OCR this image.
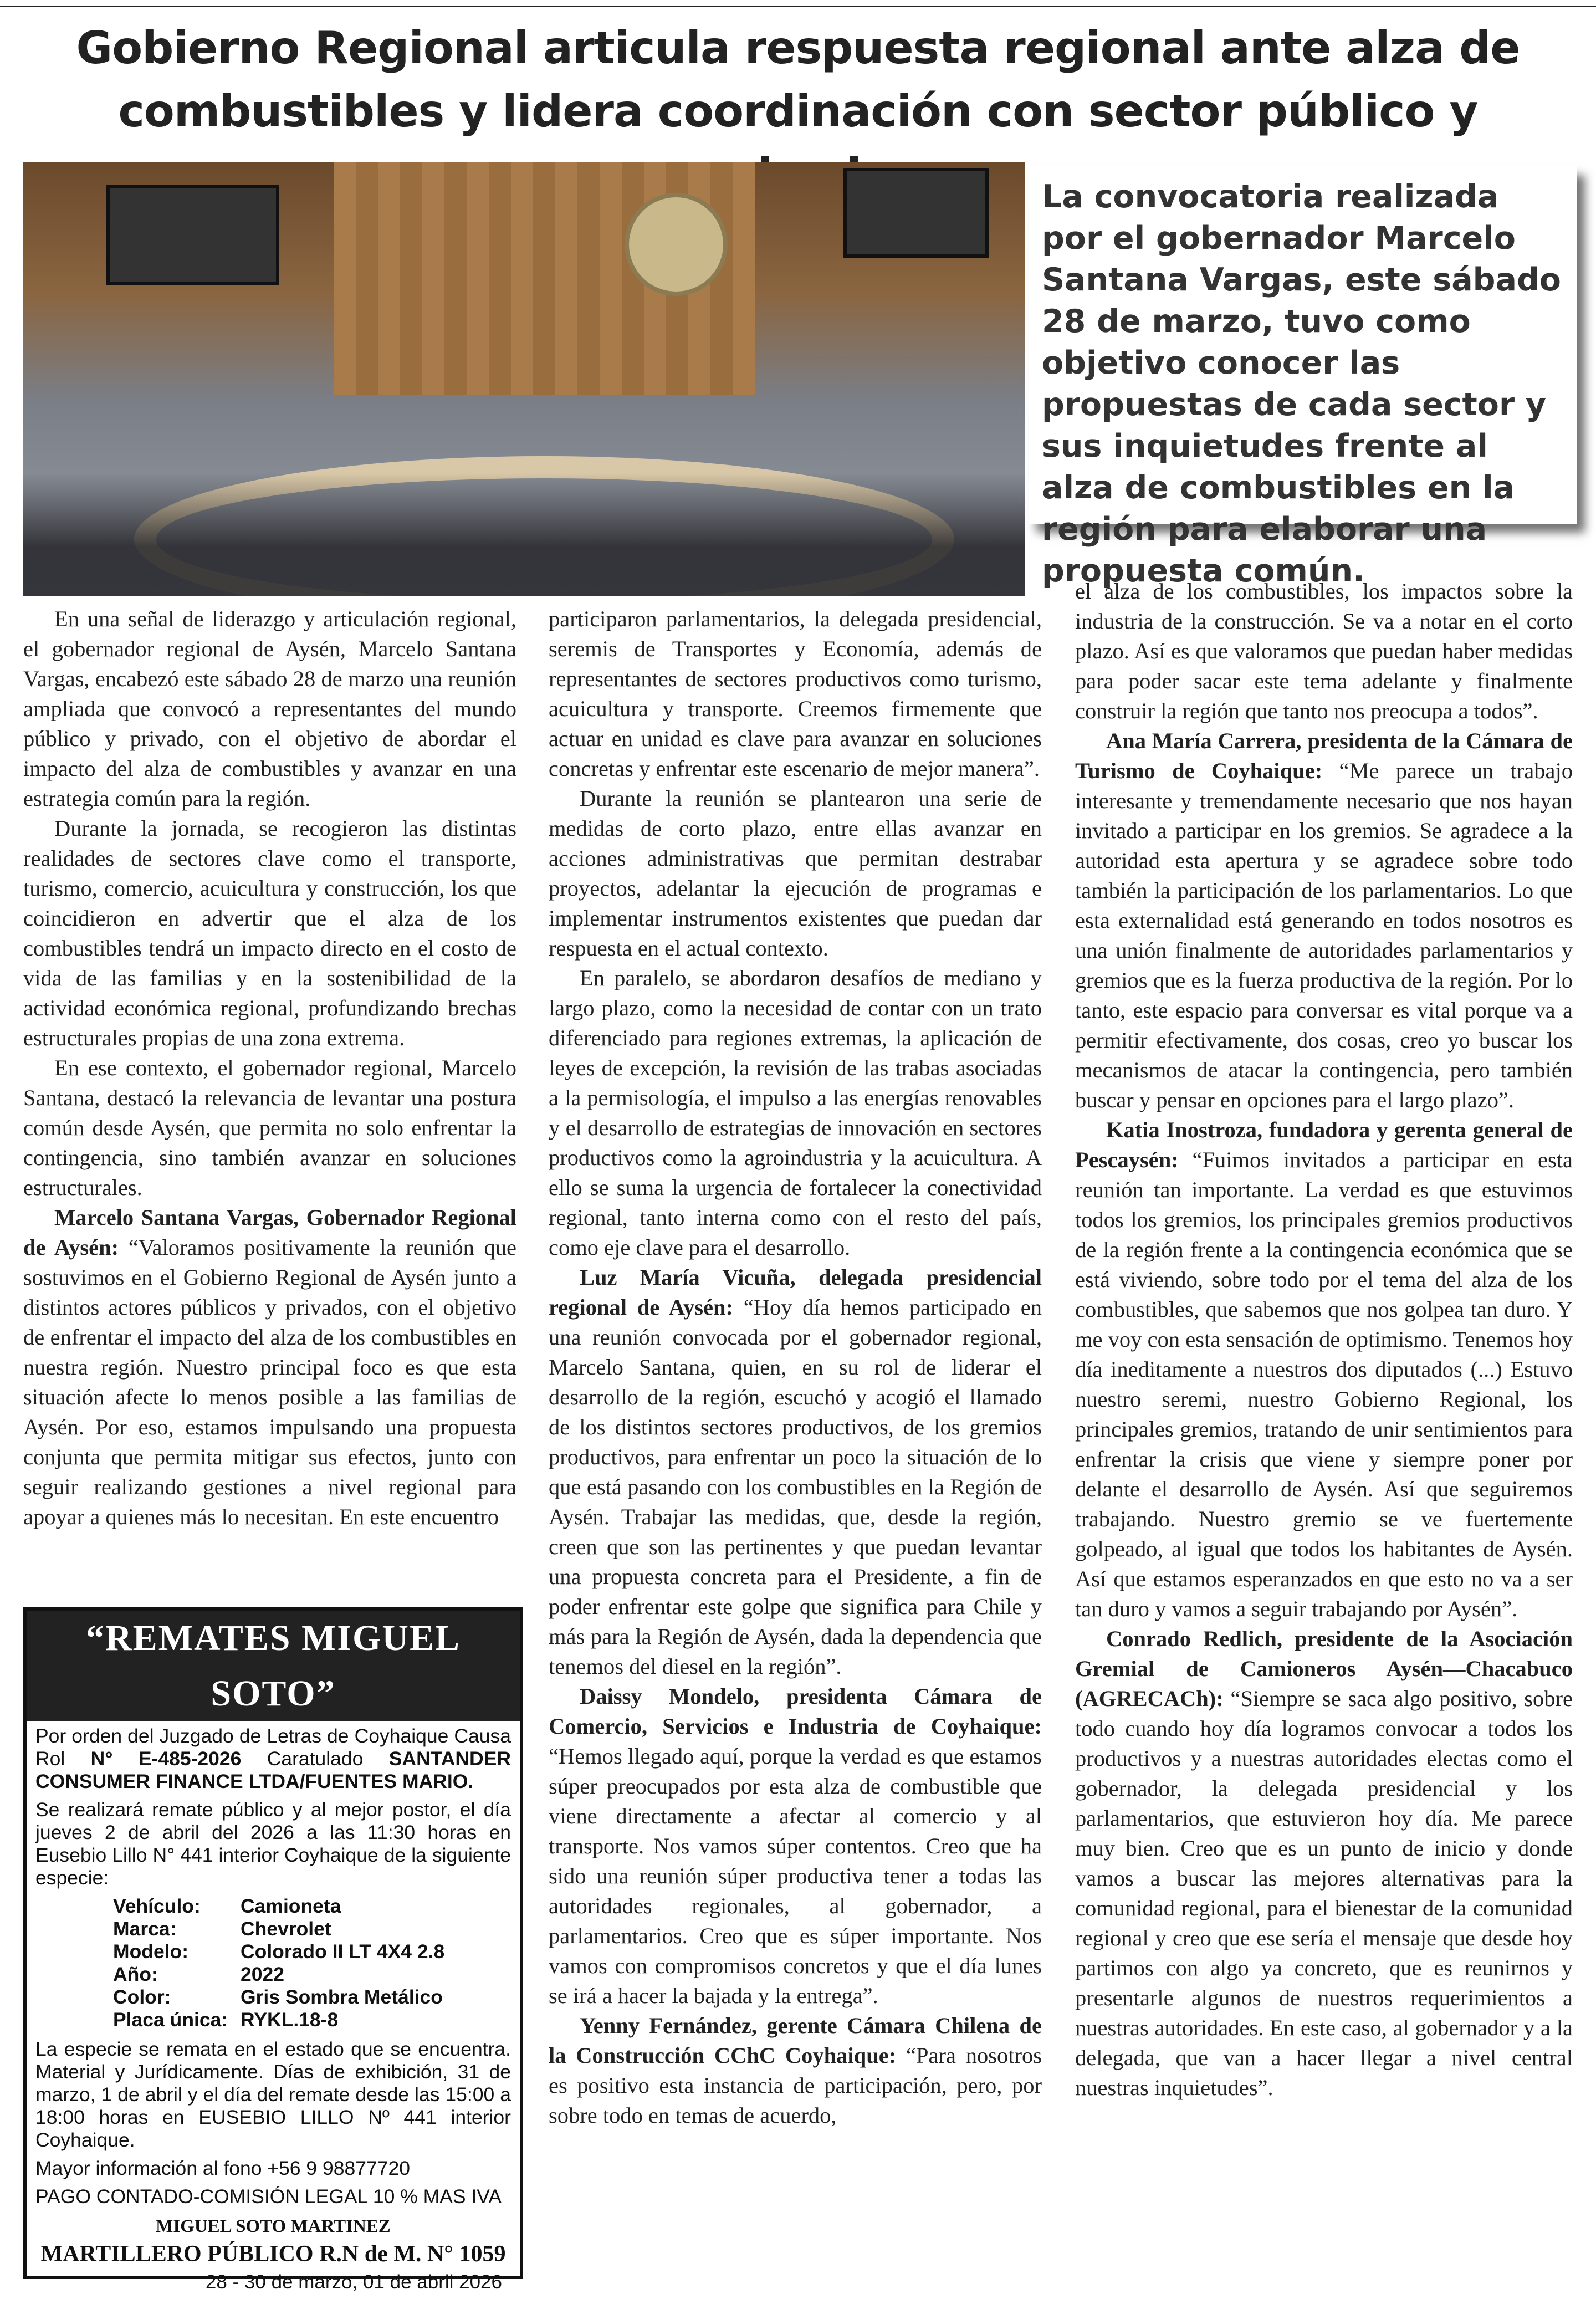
Gobierno Regional articula respuesta regional ante alza de combustibles y lidera coordinación con sector público y

La convocatoria realizada por el gobernador Marcelo Santana Vargas, este sábado 28 de marzo, tuvo como objetivo conocer las propuestas de cada sector y sus inquietudes frente al alza de combustibles en la región para elaborar una propuesta común.

En una señal de liderazgo y articulación regional, el gobernador regional de Aysén, Marcelo Santana Vargas, encabezó este sábado 28 de marzo una reunión ampliada que convocó a representantes del mundo público y privado, con el objetivo de abordar el impacto del alza de combustibles y avanzar en una estrategia común para la región.

Durante la jornada, se recogieron las distintas realidades de sectores clave como el transporte, turismo, comercio, acuicultura y construcción, los que coincidieron en advertir que el alza de los combustibles tendrá un impacto directo en el costo de vida de las familias y en la sostenibilidad de la actividad económica regional, profundizando brechas estructurales propias de una zona extrema.

En ese contexto, el gobernador regional, Marcelo Santana, destacó la relevancia de levantar una postura común desde Aysén, que permita no solo enfrentar la contingencia, sino también avanzar en soluciones estructurales.

Marcelo Santana Vargas, Gobernador Regional de Aysén: “Valoramos positivamente la reunión que sostuvimos en el Gobierno Regional de Aysén junto a distintos actores públicos y privados, con el objetivo de enfrentar el impacto del alza de los combustibles en nuestra región. Nuestro principal foco es que esta situación afecte lo menos posible a las familias de Aysén. Por eso, estamos impulsando una propuesta conjunta que permita mitigar sus efectos, junto con seguir realizando gestiones a nivel regional para apoyar a quienes más lo necesitan. En este encuentro

“REMATES MIGUEL SOTO”

Por orden del Juzgado de Letras de Coyhaique Causa Rol N° E-485-2026 Caratulado SANTANDER CONSUMER FINANCE LTDA/FUENTES MARIO.

Se realizará remate público y al mejor postor, el día jueves 2 de abril del 2026 a las 11:30 horas en Eusebio Lillo N° 441 interior Coyhaique de la siguiente especie:

Vehículo:	Camioneta
Marca:	Chevrolet
Modelo:	Colorado II LT 4X4 2.8
Año:	2022
Color:	Gris Sombra Metálico
Placa única: RYKL.18-8

La especie se remata en el estado que se encuentra. Material y Jurídicamente. Días de exhibición, 31 de marzo, 1 de abril y el día del remate desde las 15:00 a 18:00 horas en EUSEBIO LILLO Nº 441 interior Coyhaique.

Mayor información al fono +56 9 98877720

PAGO CONTADO-COMISIÓN LEGAL 10 % MAS IVA

MIGUEL SOTO MARTINEZ
MARTILLERO PÚBLICO R.N de M. N° 1059
28 - 30 de marzo, 01 de abril 2026

participaron parlamentarios, la delegada presidencial, seremis de Transportes y Economía, además de representantes de sectores productivos como turismo, acuicultura y transporte. Creemos firmemente que actuar en unidad es clave para avanzar en soluciones concretas y enfrentar este escenario de mejor manera”.

Durante la reunión se plantearon una serie de medidas de corto plazo, entre ellas avanzar en acciones administrativas que permitan destrabar proyectos, adelantar la ejecución de programas e implementar instrumentos existentes que puedan dar respuesta en el actual contexto.

En paralelo, se abordaron desafíos de mediano y largo plazo, como la necesidad de contar con un trato diferenciado para regiones extremas, la aplicación de leyes de excepción, la revisión de las trabas asociadas a la permisología, el impulso a las energías renovables y el desarrollo de estrategias de innovación en sectores productivos como la agroindustria y la acuicultura. A ello se suma la urgencia de fortalecer la conectividad regional, tanto interna como con el resto del país, como eje clave para el desarrollo.

Luz María Vicuña, delegada presidencial regional de Aysén: “Hoy día hemos participado en una reunión convocada por el gobernador regional, Marcelo Santana, quien, en su rol de liderar el desarrollo de la región, escuchó y acogió el llamado de los distintos sectores productivos, de los gremios productivos, para enfrentar un poco la situación de lo que está pasando con los combustibles en la Región de Aysén. Trabajar las medidas, que, desde la región, creen que son las pertinentes y que puedan levantar una propuesta concreta para el Presidente, a fin de poder enfrentar este golpe que significa para Chile y más para la Región de Aysén, dada la dependencia que tenemos del diesel en la región”.

Daissy Mondelo, presidenta Cámara de Comercio, Servicios e Industria de Coyhaique: “Hemos llegado aquí, porque la verdad es que estamos súper preocupados por esta alza de combustible que viene directamente a afectar al comercio y al transporte. Nos vamos súper contentos. Creo que ha sido una reunión súper productiva tener a todas las autoridades regionales, al gobernador, a parlamentarios. Creo que es súper importante. Nos vamos con compromisos concretos y que el día lunes se irá a hacer la bajada y la entrega”.

Yenny Fernández, gerente Cámara Chilena de la Construcción CChC Coyhaique: “Para nosotros es positivo esta instancia de participación, pero, por sobre todo en temas de acuerdo,

el alza de los combustibles, los impactos sobre la industria de la construcción. Se va a notar en el corto plazo. Así es que valoramos que puedan haber medidas para poder sacar este tema adelante y finalmente construir la región que tanto nos preocupa a todos”.

Ana María Carrera, presidenta de la Cámara de Turismo de Coyhaique: “Me parece un trabajo interesante y tremendamente necesario que nos hayan invitado a participar en los gremios. Se agradece a la autoridad esta apertura y se agradece sobre todo también la participación de los parlamentarios. Lo que esta externalidad está generando en todos nosotros es una unión finalmente de autoridades parlamentarios y gremios que es la fuerza productiva de la región. Por lo tanto, este espacio para conversar es vital porque va a permitir efectivamente, dos cosas, creo yo buscar los mecanismos de atacar la contingencia, pero también buscar y pensar en opciones para el largo plazo”.

Katia Inostroza, fundadora y gerenta general de Pescaysén: “Fuimos invitados a participar en esta reunión tan importante. La verdad es que estuvimos todos los gremios, los principales gremios productivos de la región frente a la contingencia económica que se está viviendo, sobre todo por el tema del alza de los combustibles, que sabemos que nos golpea tan duro. Y me voy con esta sensación de optimismo. Tenemos hoy día ineditamente a nuestros dos diputados (...) Estuvo nuestro seremi, nuestro Gobierno Regional, los principales gremios, tratando de unir sentimientos para enfrentar la crisis que viene y siempre poner por delante el desarrollo de Aysén. Así que seguiremos trabajando. Nuestro gremio se ve fuertemente golpeado, al igual que todos los habitantes de Aysén. Así que estamos esperanzados en que esto no va a ser tan duro y vamos a seguir trabajando por Aysén”.

Conrado Redlich, presidente de la Asociación Gremial de Camioneros Aysén—Chacabuco (AGRECACh): “Siempre se saca algo positivo, sobre todo cuando hoy día logramos convocar a todos los productivos y a nuestras autoridades electas como el gobernador, la delegada presidencial y los parlamentarios, que estuvieron hoy día. Me parece muy bien. Creo que es un punto de inicio y donde vamos a buscar las mejores alternativas para la comunidad regional, para el bienestar de la comunidad regional y creo que ese sería el mensaje que desde hoy partimos con algo ya concreto, que es reunirnos y presentarle algunos de nuestros requerimientos a nuestras autoridades. En este caso, al gobernador y a la delegada, que van a hacer llegar a nivel central nuestras inquietudes”.
